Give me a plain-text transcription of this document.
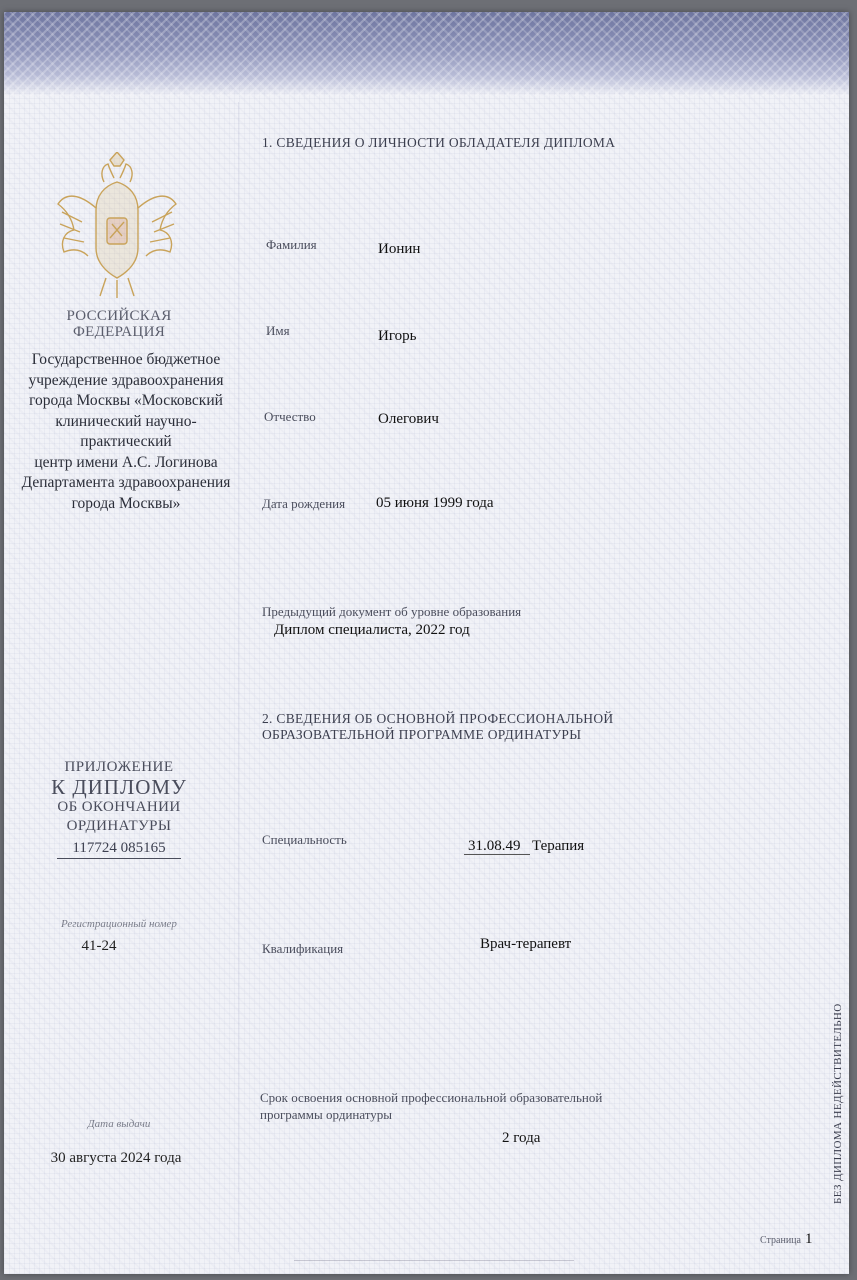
РОССИЙСКАЯ
ФЕДЕРАЦИЯ
Государственное бюджетное
учреждение здравоохранения
города Москвы «Московский
клинический научно-практический
центр имени А.С. Логинова
Департамента здравоохранения
города Москвы»
ПРИЛОЖЕНИЕ
К ДИПЛОМУ
ОБ ОКОНЧАНИИ
ОРДИНАТУРЫ
117724 085165
Регистрационный номер
41-24
Дата выдачи
30 августа 2024 года
1. СВЕДЕНИЯ О ЛИЧНОСТИ ОБЛАДАТЕЛЯ ДИПЛОМА
Фамилия	Ионин
Имя	Игорь
Отчество	Олегович
Дата рождения 05 июня 1999 года
Предыдущий документ об уровне образования
Диплом специалиста, 2022 год
2. СВЕДЕНИЯ ОБ ОСНОВНОЙ ПРОФЕССИОНАЛЬНОЙ
ОБРАЗОВАТЕЛЬНОЙ ПРОГРАММЕ ОРДИНАТУРЫ
Специальность	31.08.49 Терапия
Квалификация	Врач-терапевт
Срок освоения основной профессиональной образовательной
программы ординатуры
2 года	БЕЗ ДИПЛОМА НЕДЕЙСТВИТЕЛЬНО
Страница 1
